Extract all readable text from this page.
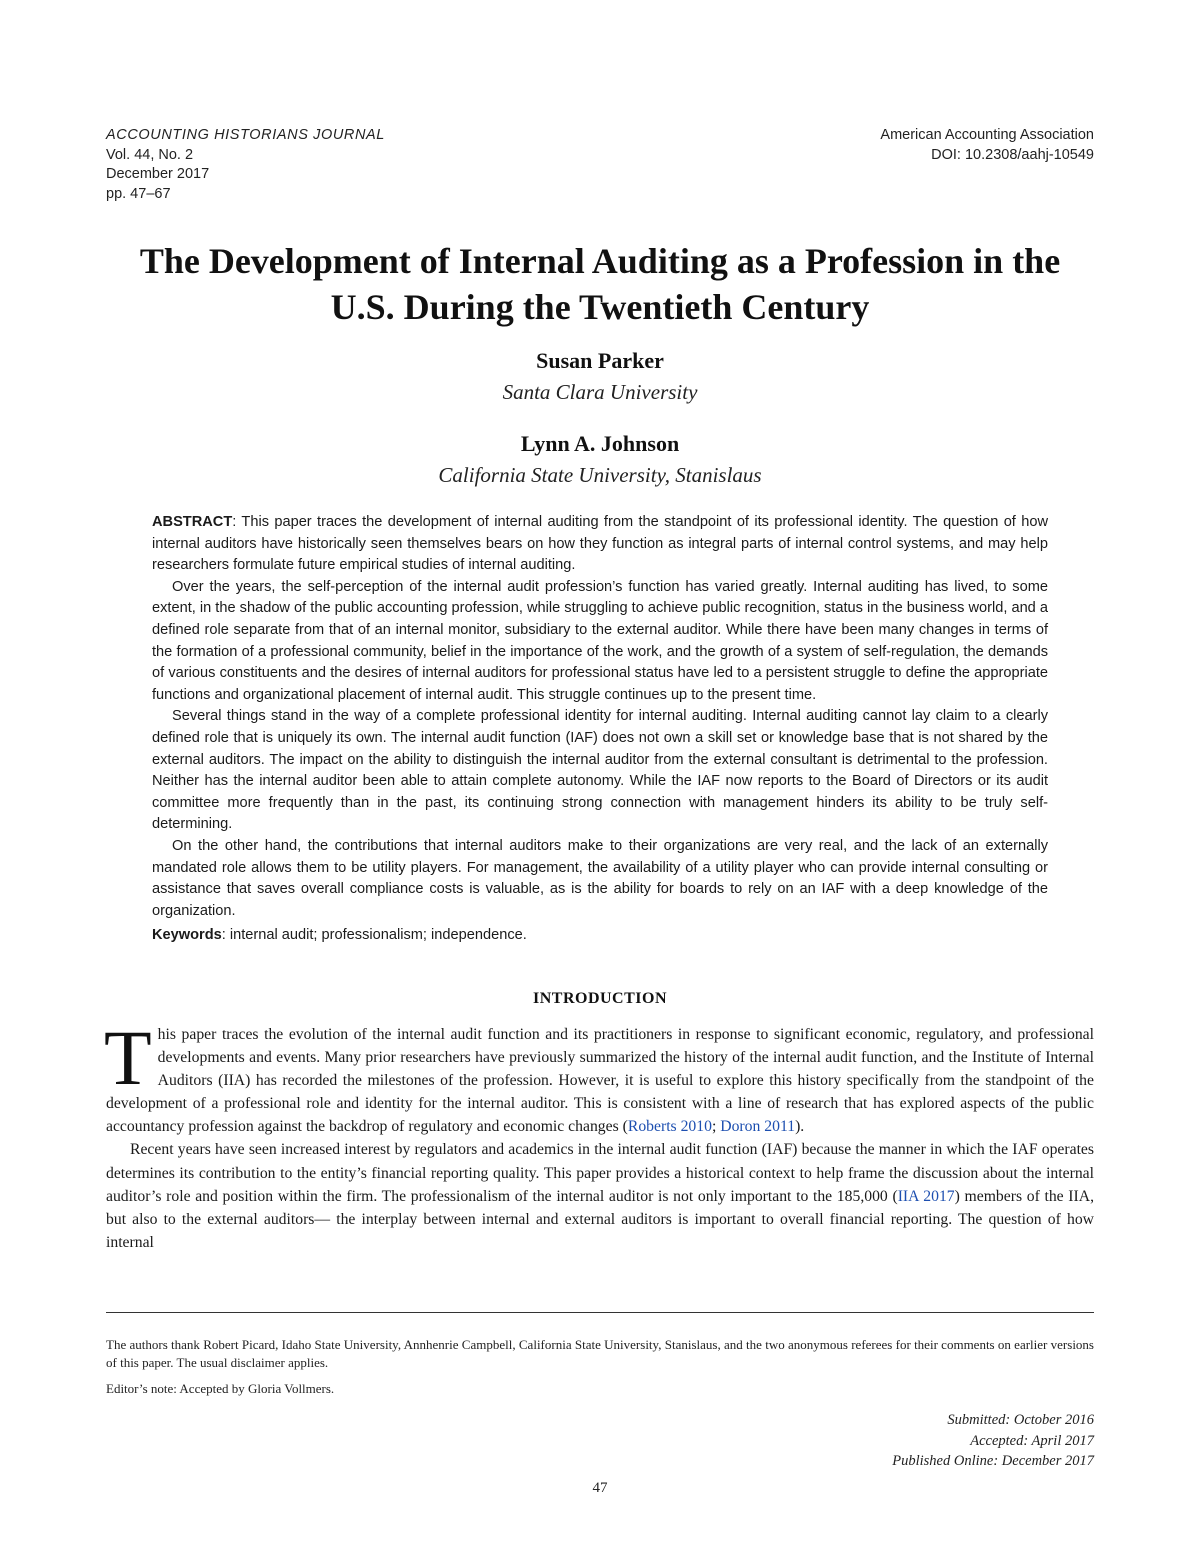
ACCOUNTING HISTORIANS JOURNAL
Vol. 44, No. 2
December 2017
pp. 47–67
American Accounting Association
DOI: 10.2308/aahj-10549
The Development of Internal Auditing as a Profession in the
U.S. During the Twentieth Century
Susan Parker
Santa Clara University
Lynn A. Johnson
California State University, Stanislaus

ABSTRACT: This paper traces the development of internal auditing from the standpoint of its professional identity. The question of how internal auditors have historically seen themselves bears on how they function as integral parts of internal control systems, and may help researchers formulate future empirical studies of internal auditing.

Over the years, the self-perception of the internal audit profession’s function has varied greatly. Internal auditing has lived, to some extent, in the shadow of the public accounting profession, while struggling to achieve public recognition, status in the business world, and a defined role separate from that of an internal monitor, subsidiary to the external auditor. While there have been many changes in terms of the formation of a professional community, belief in the importance of the work, and the growth of a system of self-regulation, the demands of various constituents and the desires of internal auditors for professional status have led to a persistent struggle to define the appropriate functions and organizational placement of internal audit. This struggle continues up to the present time.

Several things stand in the way of a complete professional identity for internal auditing. Internal auditing cannot lay claim to a clearly defined role that is uniquely its own. The internal audit function (IAF) does not own a skill set or knowledge base that is not shared by the external auditors. The impact on the ability to distinguish the internal auditor from the external consultant is detrimental to the profession. Neither has the internal auditor been able to attain complete autonomy. While the IAF now reports to the Board of Directors or its audit committee more frequently than in the past, its continuing strong connection with management hinders its ability to be truly self-determining.

On the other hand, the contributions that internal auditors make to their organizations are very real, and the lack of an externally mandated role allows them to be utility players. For management, the availability of a utility player who can provide internal consulting or assistance that saves overall compliance costs is valuable, as is the ability for boards to rely on an IAF with a deep knowledge of the organization.

Keywords: internal audit; professionalism; independence.

INTRODUCTION

This paper traces the evolution of the internal audit function and its practitioners in response to significant economic, regulatory, and professional developments and events. Many prior researchers have previously summarized the history of the internal audit function, and the Institute of Internal Auditors (IIA) has recorded the milestones of the profession. However, it is useful to explore this history specifically from the standpoint of the development of a professional role and identity for the internal auditor. This is consistent with a line of research that has explored aspects of the public accountancy profession against the backdrop of regulatory and economic changes (Roberts 2010; Doron 2011).

Recent years have seen increased interest by regulators and academics in the internal audit function (IAF) because the manner in which the IAF operates determines its contribution to the entity’s financial reporting quality. This paper provides a historical context to help frame the discussion about the internal auditor’s role and position within the firm. The professionalism of the internal auditor is not only important to the 185,000 (IIA 2017) members of the IIA, but also to the external auditors— the interplay between internal and external auditors is important to overall financial reporting. The question of how internal

The authors thank Robert Picard, Idaho State University, Annhenrie Campbell, California State University, Stanislaus, and the two anonymous referees for their comments on earlier versions of this paper. The usual disclaimer applies.

Editor’s note: Accepted by Gloria Vollmers.

Submitted: October 2016
Accepted: April 2017
Published Online: December 2017
47
